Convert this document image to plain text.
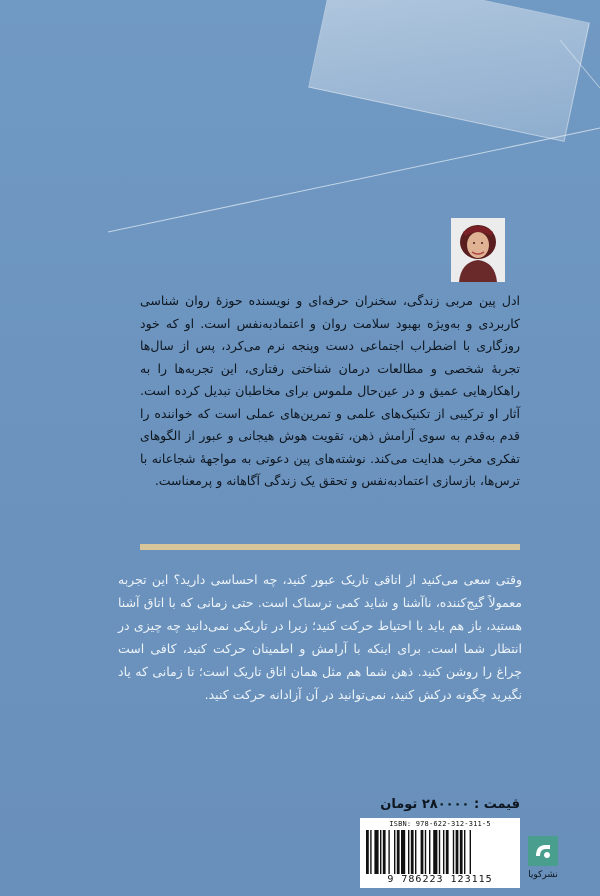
ادل پین مربی زندگی، سخنران حرفه‌ای و نویسنده حوزهٔ روان شناسی کاربردی و به‌ویژه بهبود سلامت روان و اعتمادبه‌نفس است. او که خود روزگاری با اضطراب اجتماعی دست وپنجه نرم می‌کرد، پس از سال‌ها تجربهٔ شخصی و مطالعات درمان شناختی رفتاری، این تجربه‌ها را به راهکارهایی عمیق و در عین‌حال ملموس برای مخاطبان تبدیل کرده است. آثار او ترکیبی از تکنیک‌های علمی و تمرین‌های عملی است که خواننده را قدم به‌قدم به سوی آرامش ذهن، تقویت هوش هیجانی و عبور از الگوهای تفکری مخرب هدایت می‌کند. نوشته‌های پین دعوتی به مواجههٔ شجاعانه با ترس‌ها، بازسازی اعتمادبه‌نفس و تحقق یک زندگی آگاهانه و پرمعناست.
وقتی سعی می‌کنید از اتاقی تاریک عبور کنید، چه احساسی دارید؟ این تجربه معمولاً گیج‌کننده، ناآشنا و شاید کمی ترسناک است. حتی زمانی که با اتاق آشنا هستید، باز هم باید با احتیاط حرکت کنید؛ زیرا در تاریکی نمی‌دانید چه چیزی در انتظار شما است. برای اینکه با آرامش و اطمینان حرکت کنید، کافی است چراغ را روشن کنید. ذهن شما هم مثل همان اتاق تاریک است؛ تا زمانی که یاد نگیرید چگونه درکش کنید، نمی‌توانید در آن آزادانه حرکت کنید.
قیمت : ۲۸۰۰۰۰ تومان
ISBN: 978-622-312-311-5
9 786223 123115	نشرکویا
